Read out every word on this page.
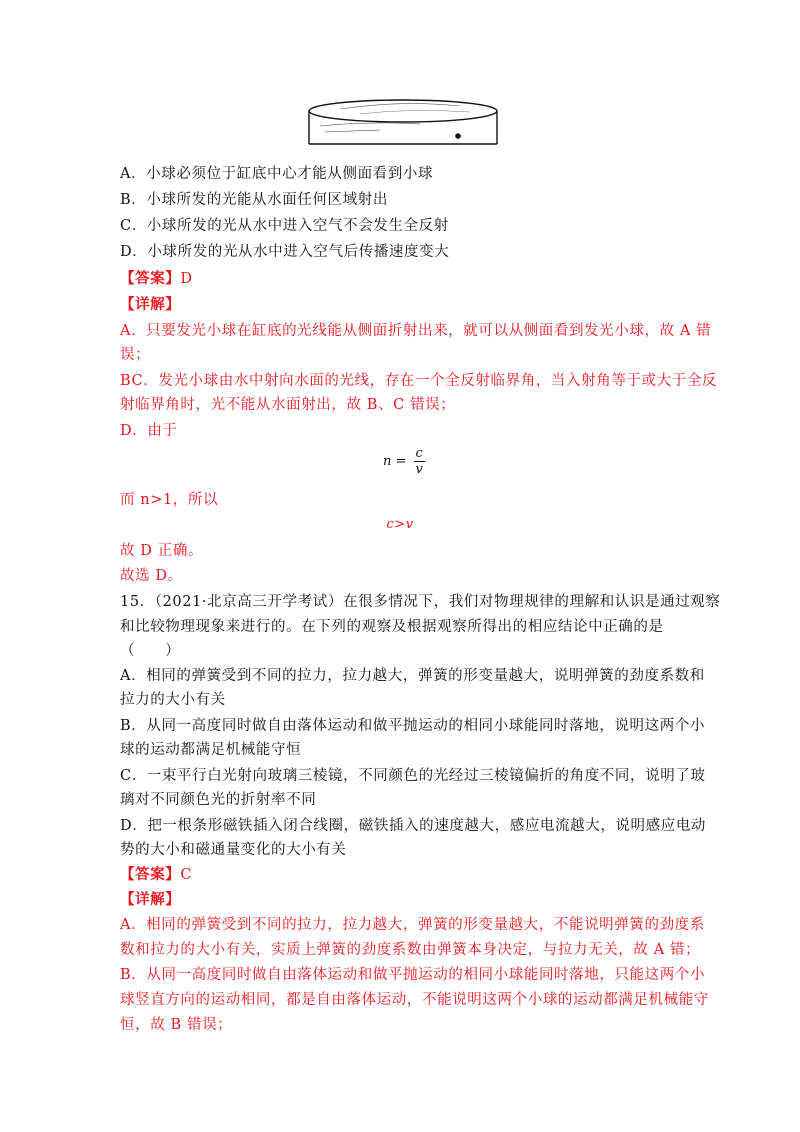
A．小球必须位于缸底中心才能从侧面看到小球
B．小球所发的光能从水面任何区域射出
C．小球所发的光从水中进入空气不会发生全反射
D．小球所发的光从水中进入空气后传播速度变大
【答案】D
【详解】
A．只要发光小球在缸底的光线能从侧面折射出来，就可以从侧面看到发光小球，故 A 错
误；
BC．发光小球由水中射向水面的光线，存在一个全反射临界角，当入射角等于或大于全反
射临界角时，光不能从水面射出，故 B、C 错误；
D．由于
$n = \frac{c}{v}$
而 n>1，所以
c>v
故 D 正确。
故选 D。
15．（2021·北京高三开学考试）在很多情况下，我们对物理规律的理解和认识是通过观察
和比较物理现象来进行的。在下列的观察及根据观察所得出的相应结论中正确的是
（　　）
A．相同的弹簧受到不同的拉力，拉力越大，弹簧的形变量越大，说明弹簧的劲度系数和
拉力的大小有关
B．从同一高度同时做自由落体运动和做平抛运动的相同小球能同时落地，说明这两个小
球的运动都满足机械能守恒
C．一束平行白光射向玻璃三棱镜，不同颜色的光经过三棱镜偏折的角度不同，说明了玻
璃对不同颜色光的折射率不同
D．把一根条形磁铁插入闭合线圈，磁铁插入的速度越大，感应电流越大，说明感应电动
势的大小和磁通量变化的大小有关
【答案】C
【详解】
A．相同的弹簧受到不同的拉力，拉力越大，弹簧的形变量越大，不能说明弹簧的劲度系
数和拉力的大小有关，实质上弹簧的劲度系数由弹簧本身决定，与拉力无关，故 A 错；
B．从同一高度同时做自由落体运动和做平抛运动的相同小球能同时落地，只能这两个小
球竖直方向的运动相同，都是自由落体运动，不能说明这两个小球的运动都满足机械能守
恒，故 B 错误；
